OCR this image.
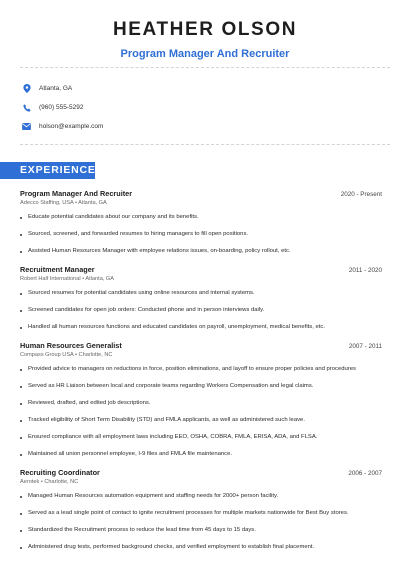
HEATHER OLSON
Program Manager And Recruiter
Atlanta, GA
(960) 555-5292
holson@example.com
EXPERIENCE
Program Manager And Recruiter	2020 - Present
Adecco Staffing, USA • Atlanta, GA
Educate potential candidates about our company and its benefits.
Sourced, screened, and forwarded resumes to hiring managers to fill open positions.
Assisted Human Resources Manager with employee relations issues, on-boarding, policy rollout, etc.
Recruitment Manager	2011 - 2020
Robert Half International • Atlanta, GA
Sourced resumes for potential candidates using online resources and internal systems.
Screened candidates for open job orders: Conducted phone and in person interviews daily.
Handled all human resources functions and educated candidates on payroll, unemployment, medical benefits, etc.
Human Resources Generalist	2007 - 2011
Compass Group USA • Charlotte, NC
Provided advice to managers on reductions in force, position eliminations, and layoff to ensure proper policies and procedures
Served as HR Liaison between local and corporate teams regarding Workers Compensation and legal claims.
Reviewed, drafted, and edited job descriptions.
Tracked eligibility of Short Term Disability (STD) and FMLA applicants, as well as administered such leave.
Ensured compliance with all employment laws including EEO, OSHA, COBRA, FMLA, ERISA, ADA, and FLSA.
Maintained all union personnel employee, I-9 files and FMLA file maintenance.
Recruiting Coordinator	2006 - 2007
Aerotek • Charlotte, NC
Managed Human Resources automation equipment and staffing needs for 2000+ person facility.
Served as a lead single point of contact to ignite recruitment processes for multiple markets nationwide for Best Buy stores.
Standardized the Recruitment process to reduce the lead time from 45 days to 15 days.
Administered drug tests, performed background checks, and verified employment to establish final placement.
